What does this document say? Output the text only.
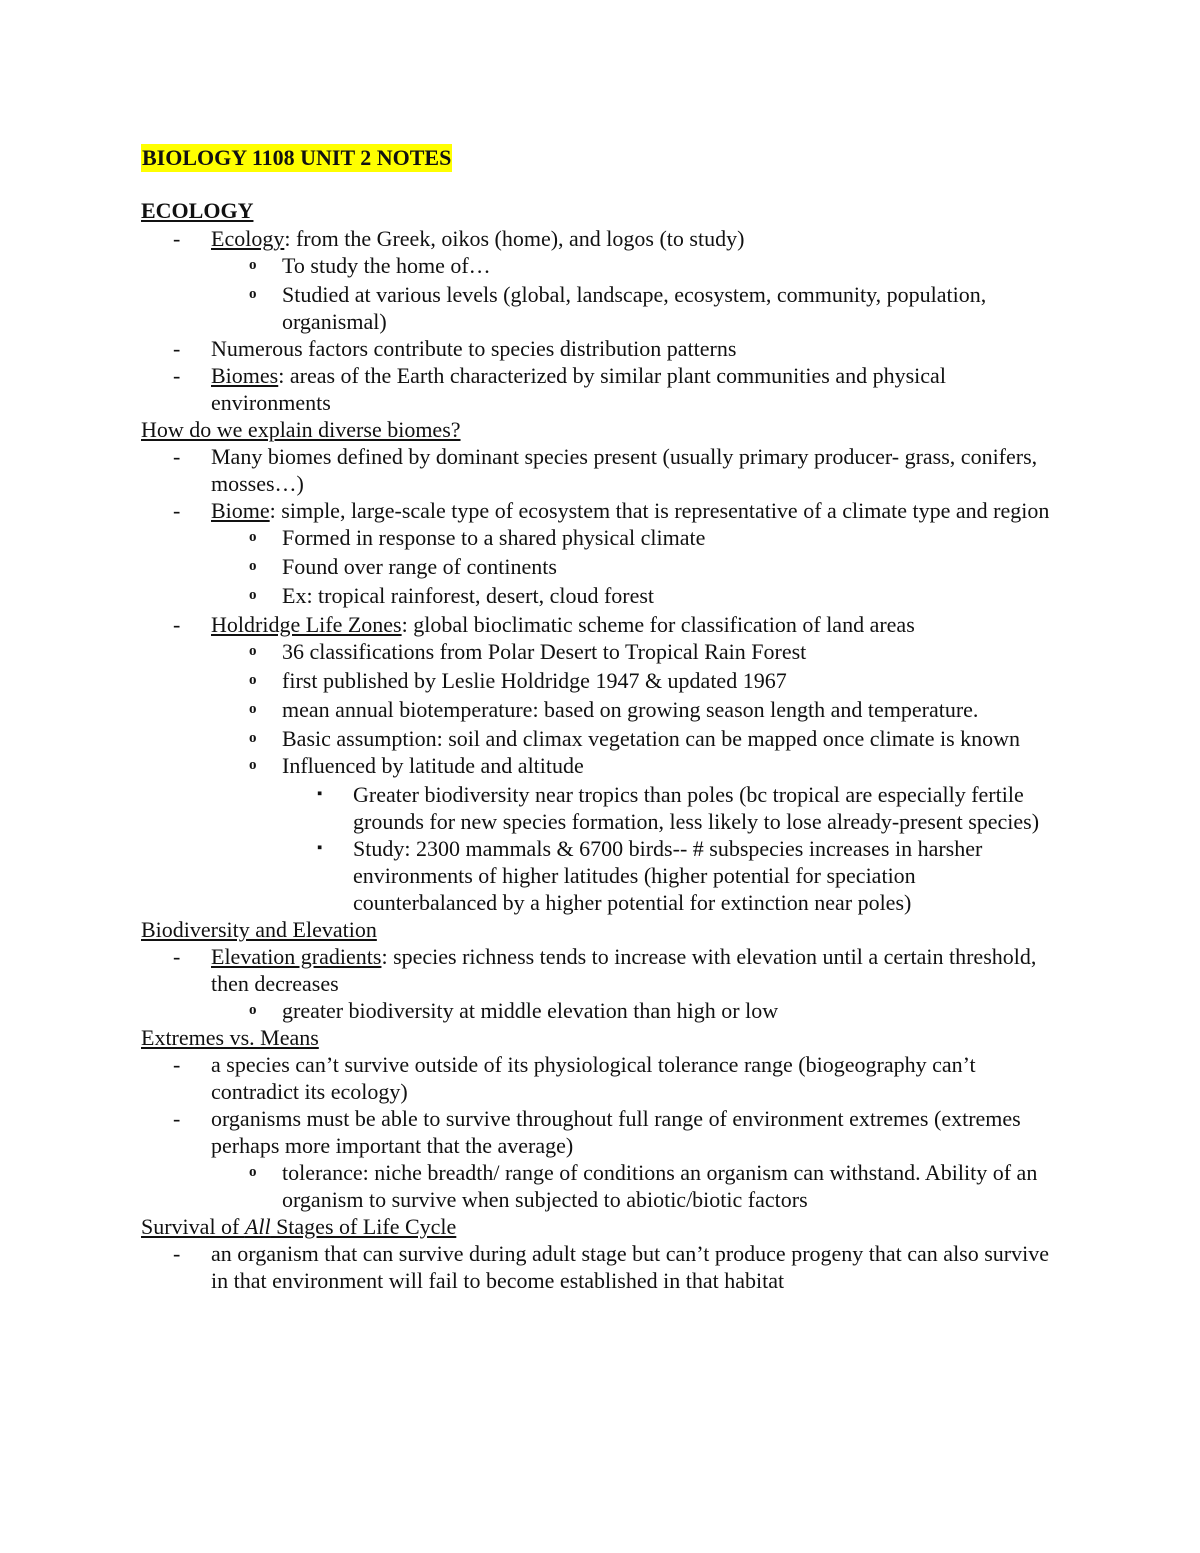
BIOLOGY 1108 UNIT 2 NOTES
ECOLOGY
- Ecology: from the Greek, oikos (home), and logos (to study)
o To study the home of…
o Studied at various levels (global, landscape, ecosystem, community, population, organismal)
- Numerous factors contribute to species distribution patterns
- Biomes: areas of the Earth characterized by similar plant communities and physical environments
How do we explain diverse biomes?
- Many biomes defined by dominant species present (usually primary producer- grass, conifers, mosses…)
- Biome: simple, large-scale type of ecosystem that is representative of a climate type and region
o Formed in response to a shared physical climate
o Found over range of continents
o Ex: tropical rainforest, desert, cloud forest
- Holdridge Life Zones: global bioclimatic scheme for classification of land areas
o 36 classifications from Polar Desert to Tropical Rain Forest
o first published by Leslie Holdridge 1947 & updated 1967
o mean annual biotemperature: based on growing season length and temperature.
o Basic assumption: soil and climax vegetation can be mapped once climate is known
o Influenced by latitude and altitude
▪ Greater biodiversity near tropics than poles (bc tropical are especially fertile grounds for new species formation, less likely to lose already-present species)
▪ Study: 2300 mammals & 6700 birds-- # subspecies increases in harsher environments of higher latitudes (higher potential for speciation counterbalanced by a higher potential for extinction near poles)
Biodiversity and Elevation
- Elevation gradients: species richness tends to increase with elevation until a certain threshold, then decreases
o greater biodiversity at middle elevation than high or low
Extremes vs. Means
- a species can’t survive outside of its physiological tolerance range (biogeography can’t contradict its ecology)
- organisms must be able to survive throughout full range of environment extremes (extremes perhaps more important that the average)
o tolerance: niche breadth/ range of conditions an organism can withstand. Ability of an organism to survive when subjected to abiotic/biotic factors
Survival of All Stages of Life Cycle
- an organism that can survive during adult stage but can’t produce progeny that can also survive in that environment will fail to become established in that habitat
